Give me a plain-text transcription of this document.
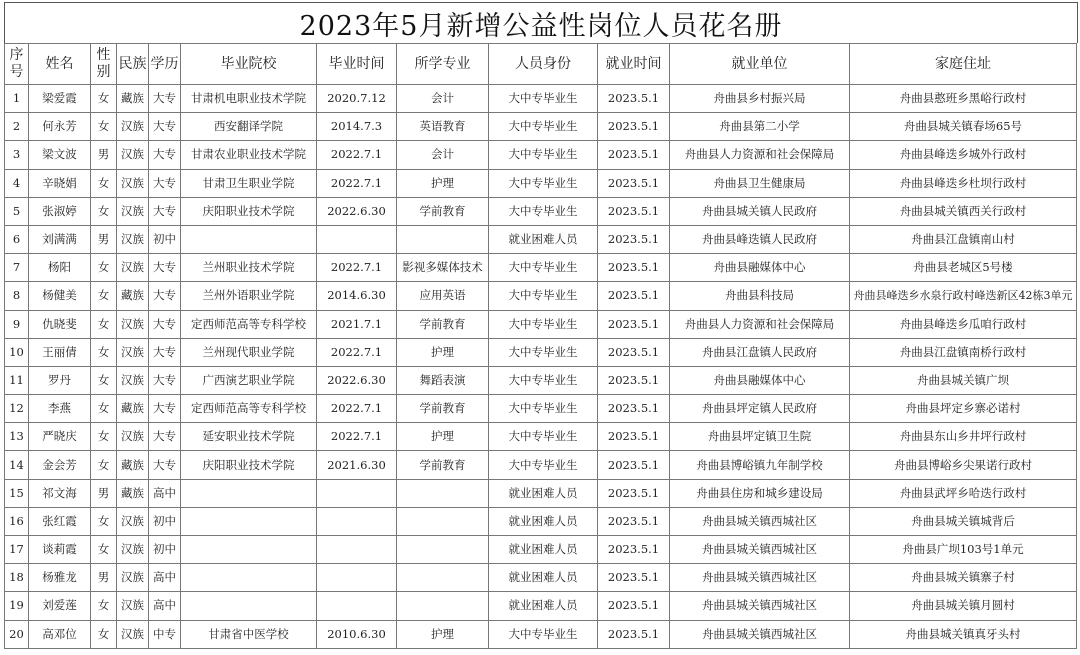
2023年5月新增公益性岗位人员花名册
序号	姓名	性别	民族	学历	毕业院校	毕业时间	所学专业	人员身份	就业时间	就业单位	家庭住址
1	梁爱霞	女	藏族	大专	甘肃机电职业技术学院	2020.7.12	会计	大中专毕业生	2023.5.1	舟曲县乡村振兴局	舟曲县憨班乡黑峪行政村
2	何永芳	女	汉族	大专	西安翻译学院	2014.7.3	英语教育	大中专毕业生	2023.5.1	舟曲县第二小学	舟曲县城关镇春场65号
3	梁文波	男	汉族	大专	甘肃农业职业技术学院	2022.7.1	会计	大中专毕业生	2023.5.1	舟曲县人力资源和社会保障局	舟曲县峰迭乡城外行政村
4	辛晓娟	女	汉族	大专	甘肃卫生职业学院	2022.7.1	护理	大中专毕业生	2023.5.1	舟曲县卫生健康局	舟曲县峰迭乡杜坝行政村
5	张淑婷	女	汉族	大专	庆阳职业技术学院	2022.6.30	学前教育	大中专毕业生	2023.5.1	舟曲县城关镇人民政府	舟曲县城关镇西关行政村
6	刘满满	男	汉族	初中				就业困难人员	2023.5.1	舟曲县峰迭镇人民政府	舟曲县江盘镇南山村
7	杨阳	女	汉族	大专	兰州职业技术学院	2022.7.1	影视多媒体技术	大中专毕业生	2023.5.1	舟曲县融媒体中心	舟曲县老城区5号楼
8	杨健美	女	藏族	大专	兰州外语职业学院	2014.6.30	应用英语	大中专毕业生	2023.5.1	舟曲县科技局	舟曲县峰迭乡水泉行政村峰迭新区42栋3单元
9	仇晓斐	女	汉族	大专	定西师范高等专科学校	2021.7.1	学前教育	大中专毕业生	2023.5.1	舟曲县人力资源和社会保障局	舟曲县峰迭乡瓜咱行政村
10	王丽倩	女	汉族	大专	兰州现代职业学院	2022.7.1	护理	大中专毕业生	2023.5.1	舟曲县江盘镇人民政府	舟曲县江盘镇南桥行政村
11	罗丹	女	汉族	大专	广西演艺职业学院	2022.6.30	舞蹈表演	大中专毕业生	2023.5.1	舟曲县融媒体中心	舟曲县城关镇广坝
12	李燕	女	藏族	大专	定西师范高等专科学校	2022.7.1	学前教育	大中专毕业生	2023.5.1	舟曲县坪定镇人民政府	舟曲县坪定乡寨必诺村
13	严晓庆	女	汉族	大专	延安职业技术学院	2022.7.1	护理	大中专毕业生	2023.5.1	舟曲县坪定镇卫生院	舟曲县东山乡井坪行政村
14	金会芳	女	藏族	大专	庆阳职业技术学院	2021.6.30	学前教育	大中专毕业生	2023.5.1	舟曲县博峪镇九年制学校	舟曲县博峪乡尖果诺行政村
15	祁文海	男	藏族	高中				就业困难人员	2023.5.1	舟曲县住房和城乡建设局	舟曲县武坪乡哈迭行政村
16	张红霞	女	汉族	初中				就业困难人员	2023.5.1	舟曲县城关镇西城社区	舟曲县城关镇城背后
17	谈莉霞	女	汉族	初中				就业困难人员	2023.5.1	舟曲县城关镇西城社区	舟曲县广坝103号1单元
18	杨雅龙	男	汉族	高中				就业困难人员	2023.5.1	舟曲县城关镇西城社区	舟曲县城关镇寨子村
19	刘爱莲	女	汉族	高中				就业困难人员	2023.5.1	舟曲县城关镇西城社区	舟曲县城关镇月圆村
20	高邓位	女	汉族	中专	甘肃省中医学校	2010.6.30	护理	大中专毕业生	2023.5.1	舟曲县城关镇西城社区	舟曲县城关镇真牙头村
